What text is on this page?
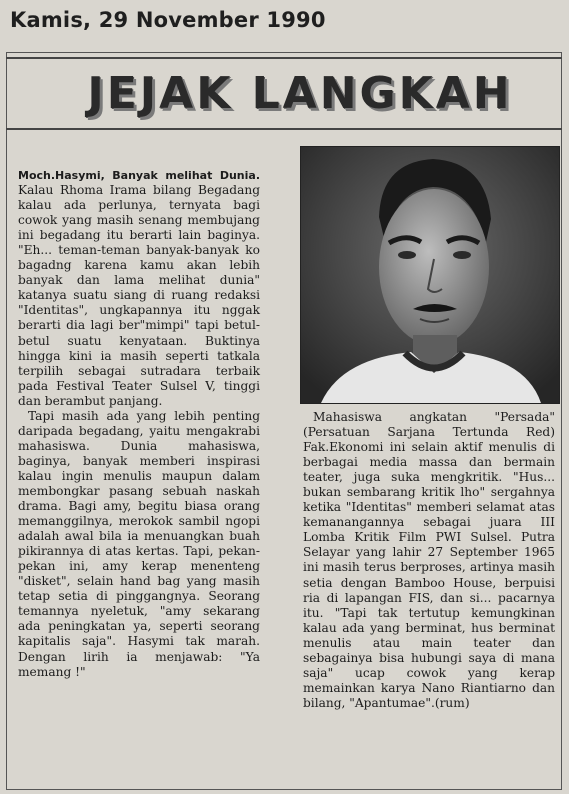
Kamis, 29 November 1990
JEJAK LANGKAH

Moch.Hasymi, Banyak melihat Dunia. Kalau Rhoma Irama bilang Begadang kalau ada perlunya, ternyata bagi cowok yang masih senang membujang ini begadang itu berarti lain baginya. "Eh... teman-teman banyak-banyak ko bagadng karena kamu akan lebih banyak dan lama melihat dunia" katanya suatu siang di ruang redaksi "Identitas", ungkapannya itu nggak berarti dia lagi ber"mimpi" tapi betul-betul suatu kenyataan. Buktinya hingga kini ia masih seperti tatkala terpilih sebagai sutradara terbaik pada Festival Teater Sulsel V, tinggi dan berambut panjang.

Tapi masih ada yang lebih penting daripada begadang, yaitu mengakrabi mahasiswa. Dunia mahasiswa, baginya, banyak memberi inspirasi kalau ingin menulis maupun dalam membongkar pasang sebuah naskah drama. Bagi amy, begitu biasa orang memanggilnya, merokok sambil ngopi adalah awal bila ia menuangkan buah pikirannya di atas kertas. Tapi, pekan-pekan ini, amy kerap menenteng "disket", selain hand bag yang masih tetap setia di pinggangnya. Seorang temannya nyeletuk, "amy sekarang ada peningkatan ya, seperti seorang kapitalis saja". Hasymi tak marah. Dengan lirih ia menjawab: "Ya memang !"

Mahasiswa angkatan "Persada" (Persatuan Sarjana Tertunda Red) Fak.Ekonomi ini selain aktif menulis di berbagai media massa dan bermain teater, juga suka mengkritik. "Hus... bukan sembarang kritik lho" sergahnya ketika "Identitas" memberi selamat atas kemanangannya sebagai juara III Lomba Kritik Film PWI Sulsel. Putra Selayar yang lahir 27 September 1965 ini masih terus berproses, artinya masih setia dengan Bamboo House, berpuisi ria di lapangan FIS, dan si... pacarnya itu. "Tapi tak tertutup kemungkinan kalau ada yang berminat, hus berminat menulis atau main teater dan sebagainya bisa hubungi saya di mana saja" ucap cowok yang kerap memainkan karya Nano Riantiarno dan bilang, "Apantumae".(rum)
